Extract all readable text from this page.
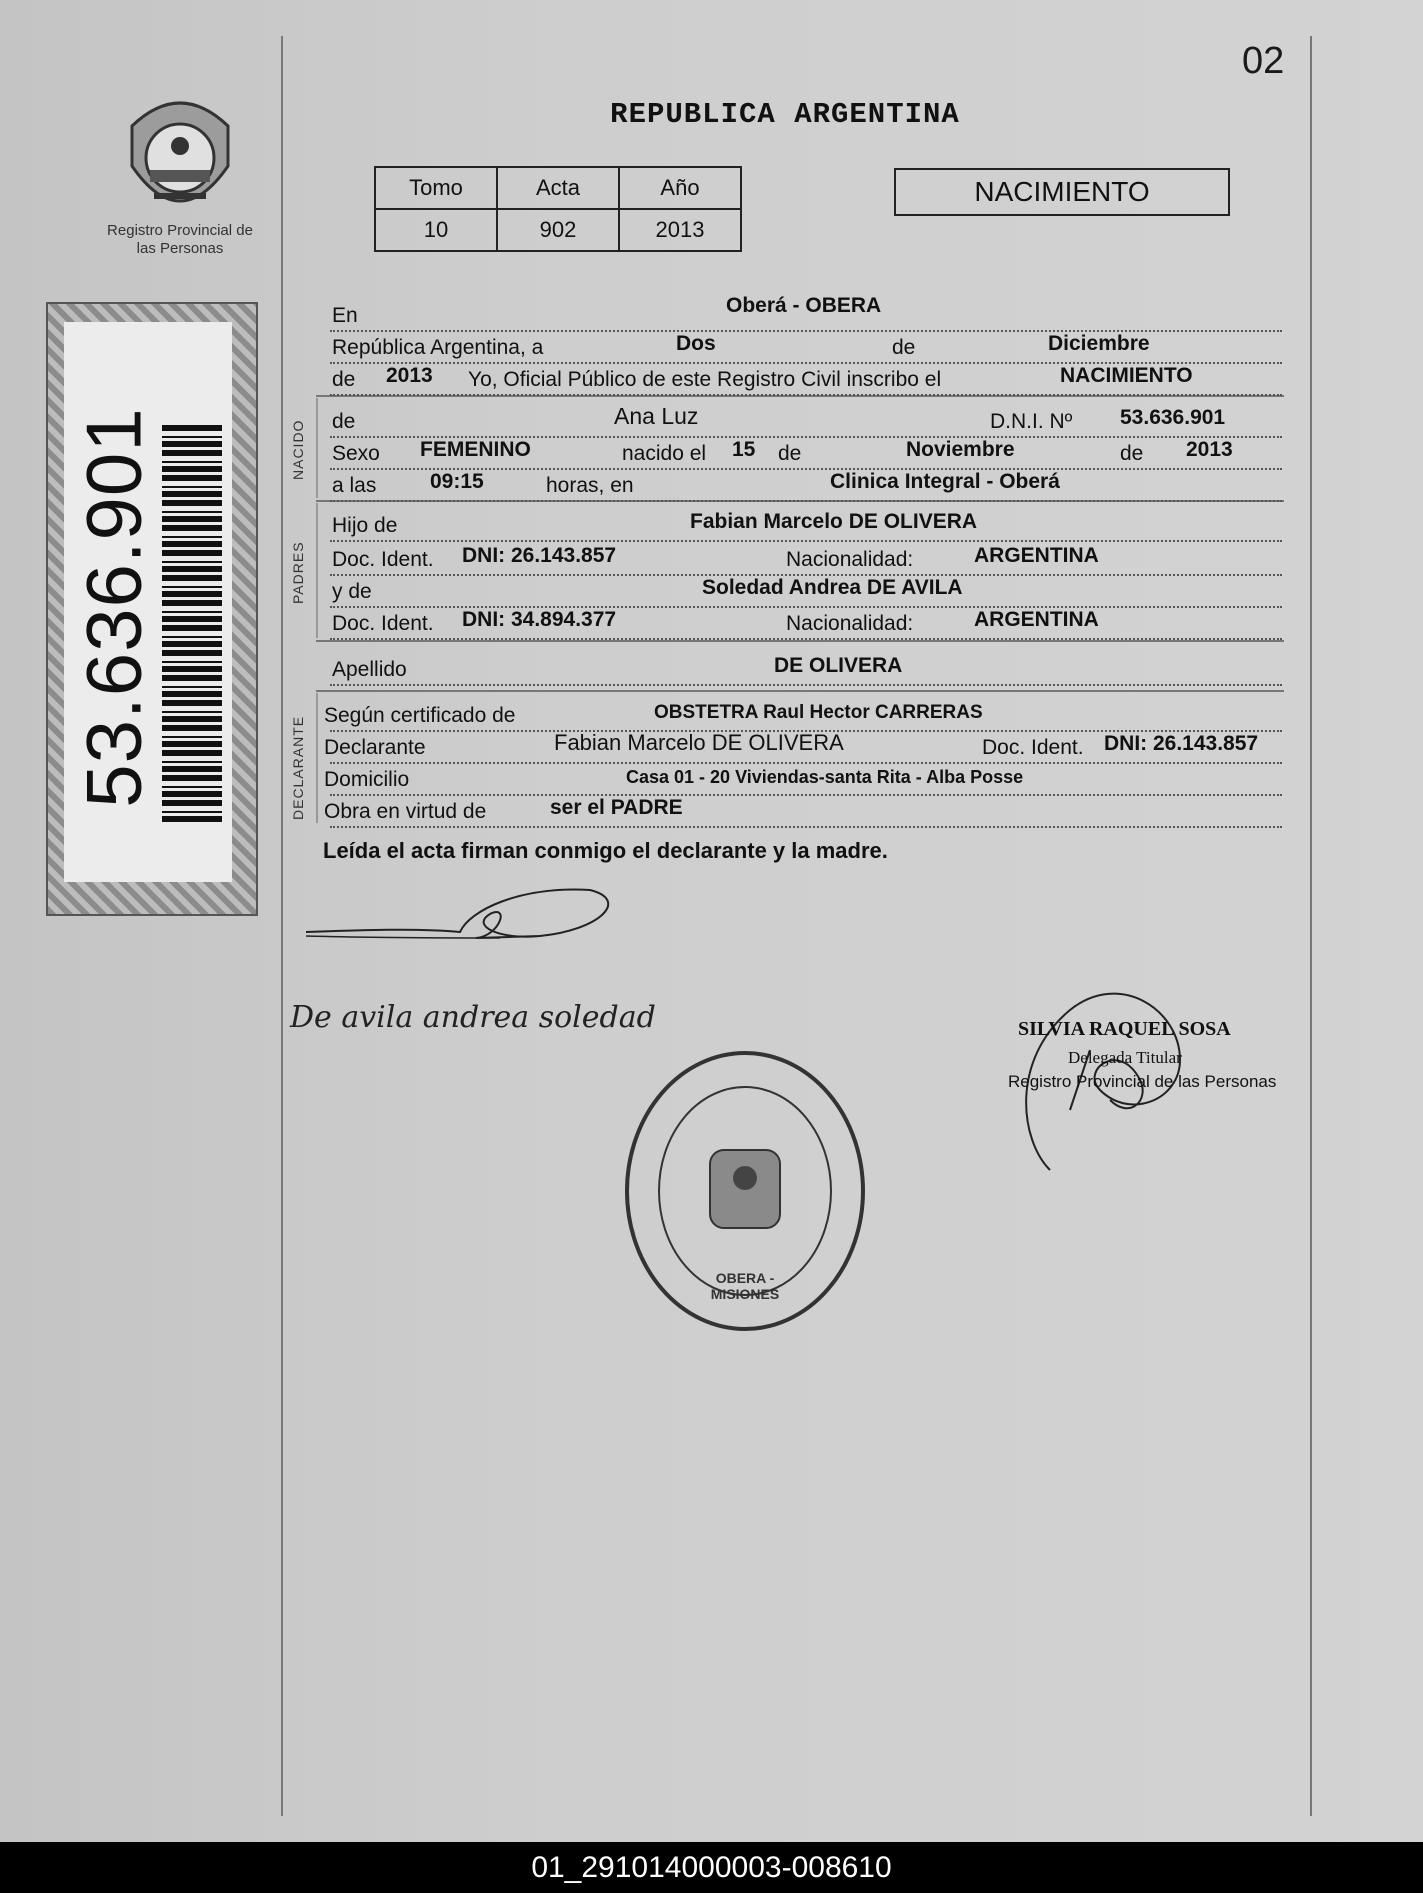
02
REPUBLICA ARGENTINA
Registro Provincial de las Personas
Tomo	Acta	Año
10	902	2013
NACIMIENTO
53.636.901	NACIDO
PADRES
DECLARANTE
En	Oberá - OBERA
República Argentina, a	Dos	de	Diciembre
de 2013 Yo, Oficial Público de este Registro Civil inscribo el	NACIMIENTO
de	Ana Luz	D.N.I. Nº 53.636.901
Sexo FEMENINO	nacido el 15 de	Noviembre	de 2013
a las	09:15	horas, en	Clinica Integral - Oberá
Hijo de	Fabian Marcelo DE OLIVERA
Doc. Ident. DNI: 26.143.857	Nacionalidad:	ARGENTINA
y de	Soledad Andrea DE AVILA
Doc. Ident. DNI: 34.894.377	Nacionalidad:	ARGENTINA
Apellido	DE OLIVERA
Según certificado de	OBSTETRA Raul Hector CARRERAS
Declarante	Fabian Marcelo DE OLIVERA	Doc. Ident. DNI: 26.143.857
Domicilio	Casa 01 - 20 Viviendas-santa Rita - Alba Posse
Obra en virtud de	ser el PADRE
Leída el acta firman conmigo el declarante y la madre.
De avila andrea soledad
OBERA - MISIONES
SILVIA RAQUEL SOSA
Delegada Titular
Registro Provincial de las Personas
01_291014000003-008610
